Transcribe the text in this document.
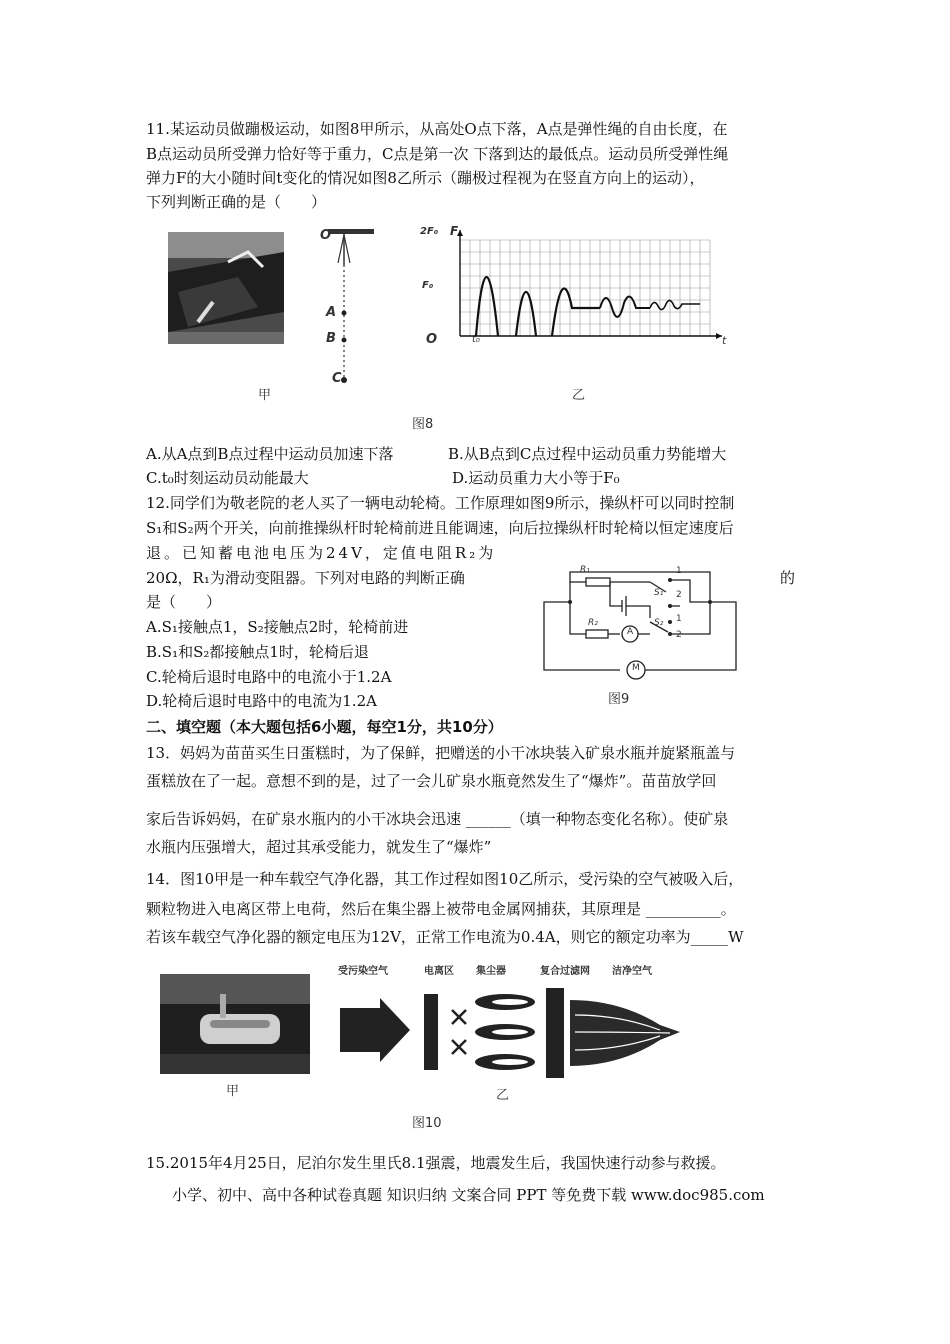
11.某运动员做蹦极运动，如图8甲所示，从高处O点下落，A点是弹性绳的自由长度，在
B点运动员所受弹力恰好等于重力，C点是第一次 下落到达的最低点。运动员所受弹性绳
弹力F的大小随时间t变化的情况如图8乙所示（蹦极过程视为在竖直方向上的运动），
下列判断正确的是（　　）
O
A
B
C
甲
2F₀ F
F₀
O	t₀	t
乙
图8
A.从A点到B点过程中运动员加速下落	B.从B点到C点过程中运动员重力势能增大
C.t₀时刻运动员动能最大	D.运动员重力大小等于F₀
12.同学们为敬老院的老人买了一辆电动轮椅。工作原理如图9所示，操纵杆可以同时控制
S₁和S₂两个开关，向前推操纵杆时轮椅前进且能调速，向后拉操纵杆时轮椅以恒定速度后
退。已知蓄电池电压为24V，定值电阻R₂为
20Ω，R₁为滑动变阻器。下列对电路的判断正确	的
是（　　）
A.S₁接触点1，S₂接触点2时，轮椅前进
B.S₁和S₂都接触点1时，轮椅后退
C.轮椅后退时电路中的电流小于1.2A
D.轮椅后退时电路中的电流为1.2A
R₁
R₂
S₁
S₂
1
2
1
2
A
M
图9
二、填空题（本大题包括6小题，每空1分，共10分）
13．妈妈为苗苗买生日蛋糕时，为了保鲜，把赠送的小干冰块装入矿泉水瓶并旋紧瓶盖与
蛋糕放在了一起。意想不到的是，过了一会儿矿泉水瓶竟然发生了“爆炸”。苗苗放学回
家后告诉妈妈，在矿泉水瓶内的小干冰块会迅速 ______（填一种物态变化名称）。使矿泉
水瓶内压强增大，超过其承受能力，就发生了“爆炸”
14．图10甲是一种车载空气净化器，其工作过程如图10乙所示，受污染的空气被吸入后，
颗粒物进入电离区带上电荷，然后在集尘器上被带电金属网捕获，其原理是 __________。
若该车载空气净化器的额定电压为12V，正常工作电流为0.4A，则它的额定功率为_____W
甲
受污染空气	电离区 集尘器	复合过滤网 洁净空气
乙
图10
15.2015年4月25日，尼泊尔发生里氏8.1强震，地震发生后，我国快速行动参与救援。
小学、初中、高中各种试卷真题 知识归纳 文案合同 PPT 等免费下载 www.doc985.com
